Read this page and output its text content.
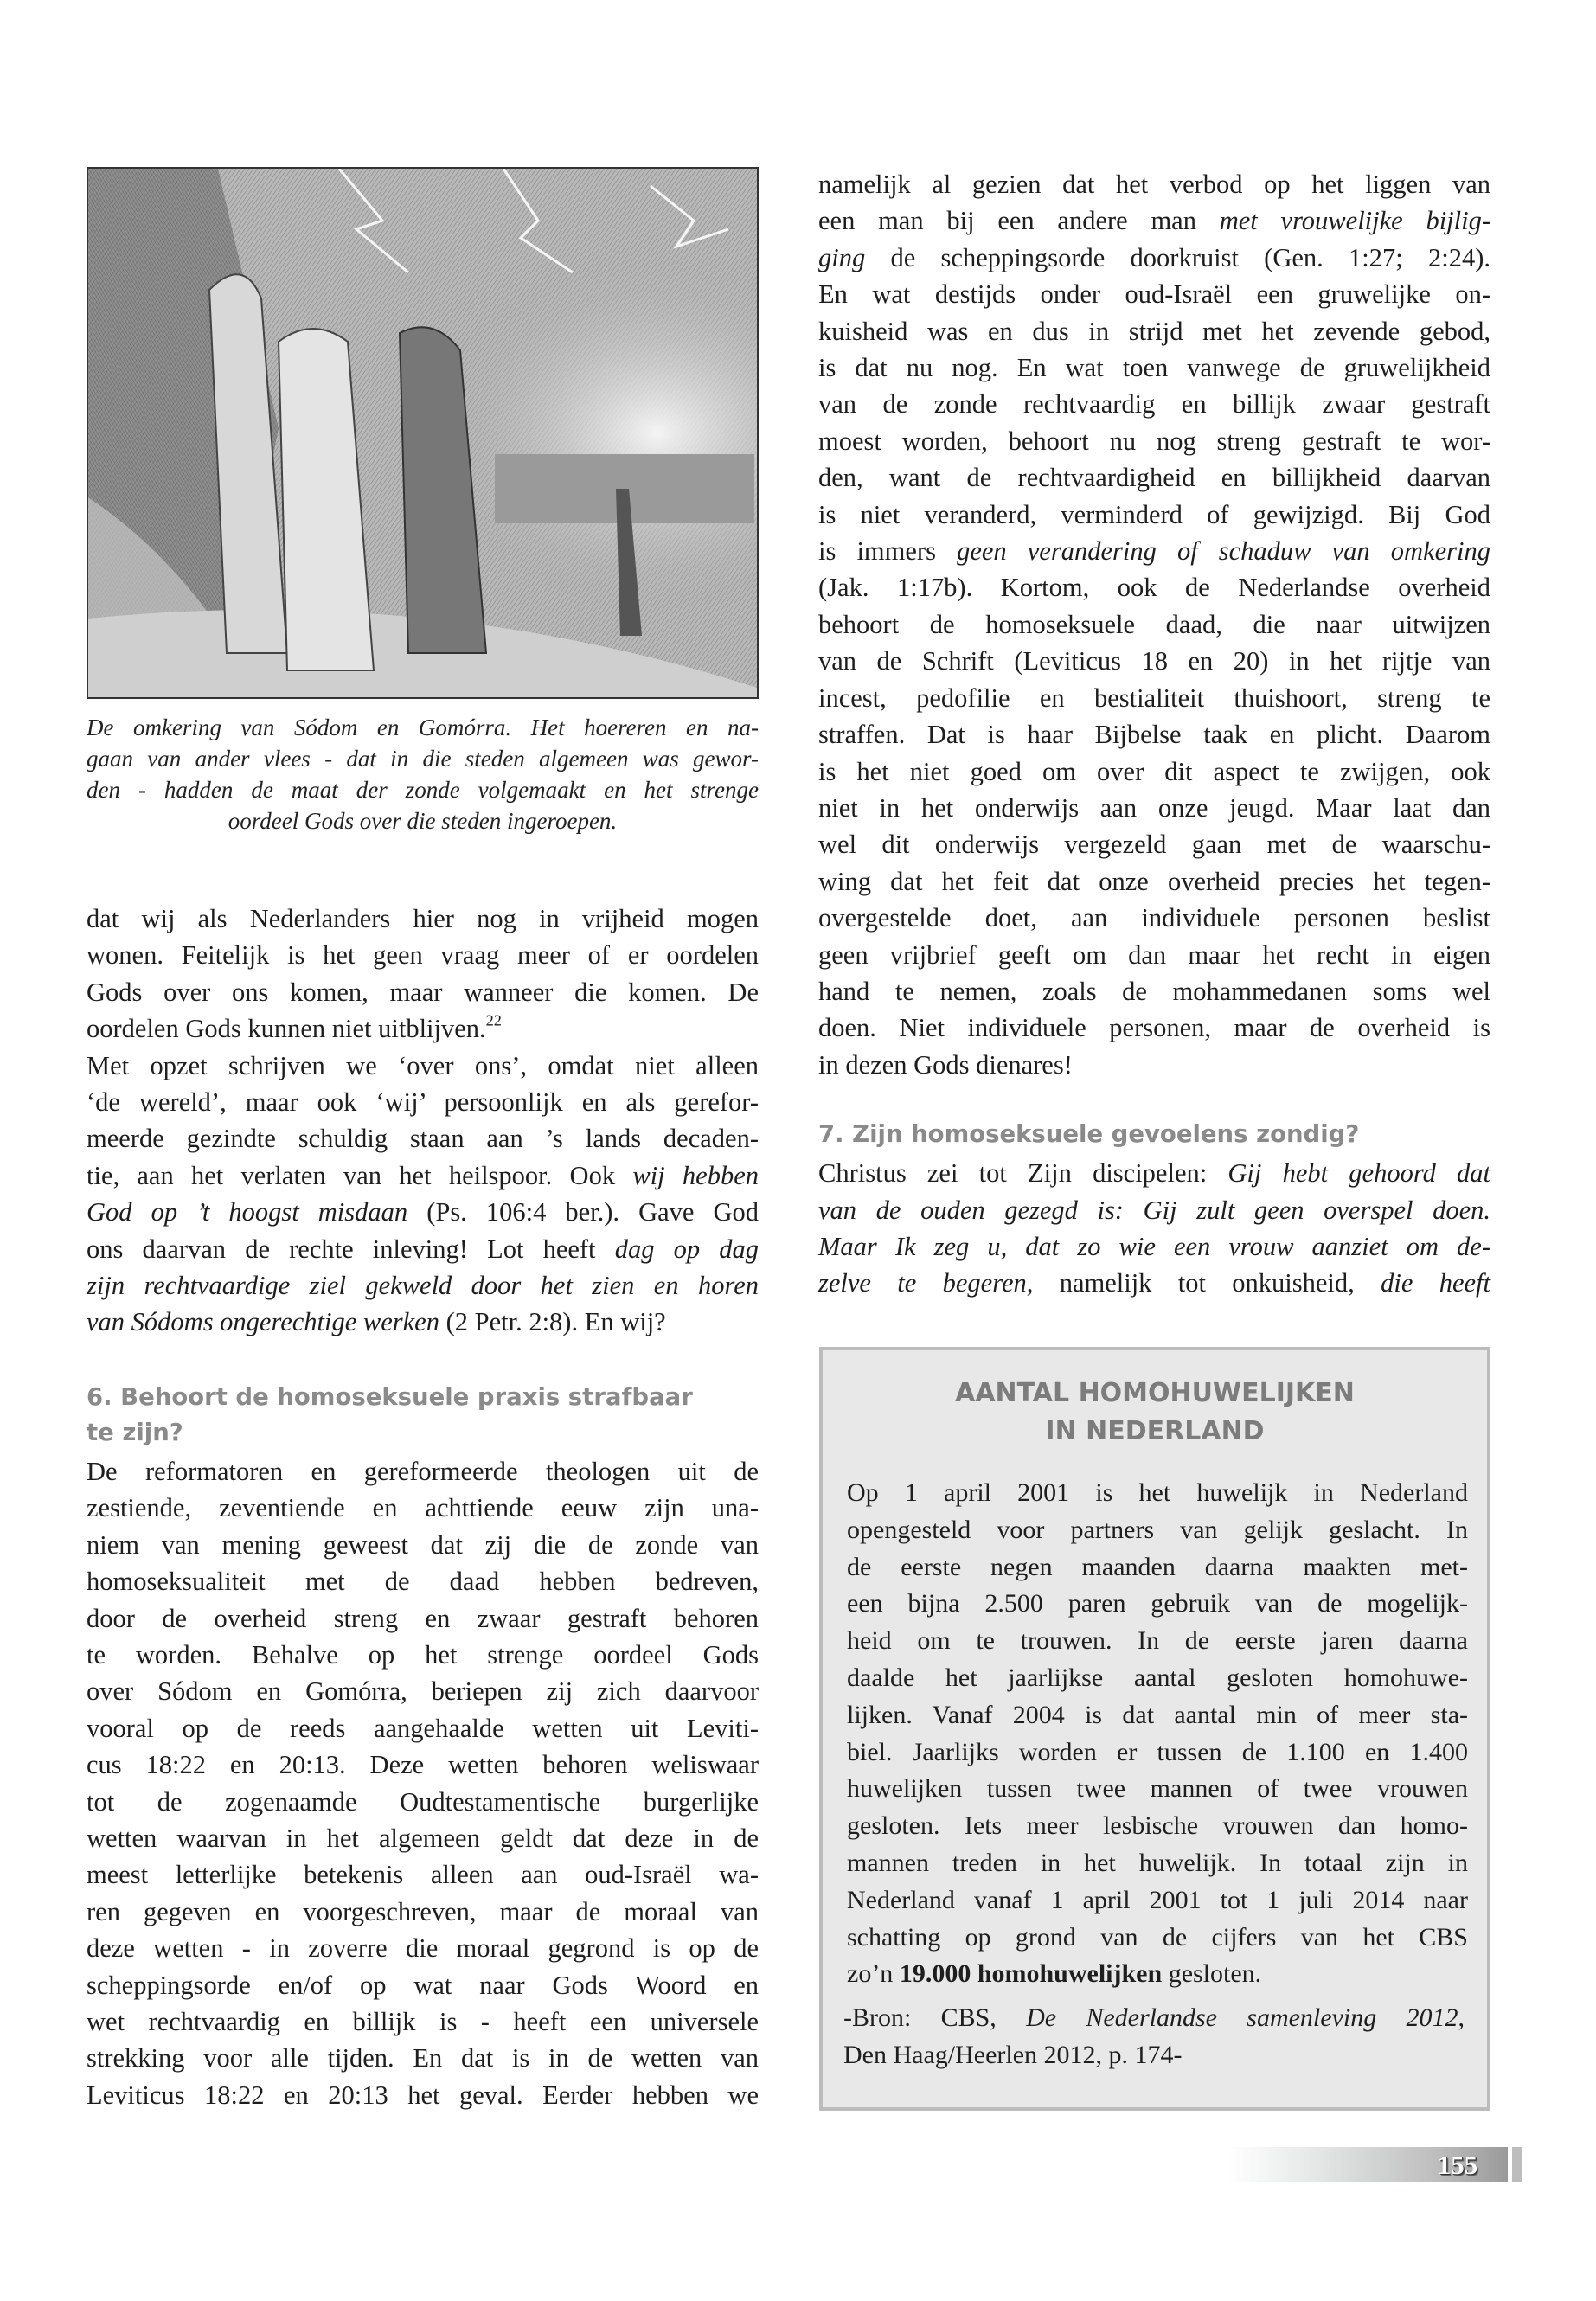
De omkering van Sódom en Gomórra. Het hoereren en na-
gaan van ander vlees - dat in die steden algemeen was gewor-
den - hadden de maat der zonde volgemaakt en het strenge
oordeel Gods over die steden ingeroepen.
dat wij als Nederlanders hier nog in vrijheid mogen
wonen. Feitelijk is het geen vraag meer of er oordelen
Gods over ons komen, maar wanneer die komen. De
oordelen Gods kunnen niet uitblijven.$^{22}$
Met opzet schrijven we ‘over ons’, omdat niet alleen
‘de wereld’, maar ook ‘wij’ persoonlijk en als gerefor-
meerde gezindte schuldig staan aan ’s lands decaden-
tie, aan het verlaten van het heilspoor. Ook wij hebben
God op ’t hoogst misdaan (Ps. 106:4 ber.). Gave God
ons daarvan de rechte inleving! Lot heeft dag op dag
zijn rechtvaardige ziel gekweld door het zien en horen
van Sódoms ongerechtige werken (2 Petr. 2:8). En wij?
6. Behoort de homoseksuele praxis strafbaar
te zijn?
De reformatoren en gereformeerde theologen uit de
zestiende, zeventiende en achttiende eeuw zijn una-
niem van mening geweest dat zij die de zonde van
homoseksualiteit met de daad hebben bedreven,
door de overheid streng en zwaar gestraft behoren
te worden. Behalve op het strenge oordeel Gods
over Sódom en Gomórra, beriepen zij zich daarvoor
vooral op de reeds aangehaalde wetten uit Leviti-
cus 18:22 en 20:13. Deze wetten behoren weliswaar
tot de zogenaamde Oudtestamentische burgerlijke
wetten waarvan in het algemeen geldt dat deze in de
meest letterlijke betekenis alleen aan oud-Israël wa-
ren gegeven en voorgeschreven, maar de moraal van
deze wetten - in zoverre die moraal gegrond is op de
scheppingsorde en/of op wat naar Gods Woord en
wet rechtvaardig en billijk is - heeft een universele
strekking voor alle tijden. En dat is in de wetten van
Leviticus 18:22 en 20:13 het geval. Eerder hebben we
namelijk al gezien dat het verbod op het liggen van
een man bij een andere man met vrouwelijke bijlig-
ging de scheppingsorde doorkruist (Gen. 1:27; 2:24).
En wat destijds onder oud-Israël een gruwelijke on-
kuisheid was en dus in strijd met het zevende gebod,
is dat nu nog. En wat toen vanwege de gruwelijkheid
van de zonde rechtvaardig en billijk zwaar gestraft
moest worden, behoort nu nog streng gestraft te wor-
den, want de rechtvaardigheid en billijkheid daarvan
is niet veranderd, verminderd of gewijzigd. Bij God
is immers geen verandering of schaduw van omkering
(Jak. 1:17b). Kortom, ook de Nederlandse overheid
behoort de homoseksuele daad, die naar uitwijzen
van de Schrift (Leviticus 18 en 20) in het rijtje van
incest, pedofilie en bestialiteit thuishoort, streng te
straffen. Dat is haar Bijbelse taak en plicht. Daarom
is het niet goed om over dit aspect te zwijgen, ook
niet in het onderwijs aan onze jeugd. Maar laat dan
wel dit onderwijs vergezeld gaan met de waarschu-
wing dat het feit dat onze overheid precies het tegen-
overgestelde doet, aan individuele personen beslist
geen vrijbrief geeft om dan maar het recht in eigen
hand te nemen, zoals de mohammedanen soms wel
doen. Niet individuele personen, maar de overheid is
in dezen Gods dienares!
7. Zijn homoseksuele gevoelens zondig?
Christus zei tot Zijn discipelen: Gij hebt gehoord dat
van de ouden gezegd is: Gij zult geen overspel doen.
Maar Ik zeg u, dat zo wie een vrouw aanziet om de-
zelve te begeren, namelijk tot onkuisheid, die heeft
AANTAL HOMOHUWELIJKEN
IN NEDERLAND
Op 1 april 2001 is het huwelijk in Nederland
opengesteld voor partners van gelijk geslacht. In
de eerste negen maanden daarna maakten met-
een bijna 2.500 paren gebruik van de mogelijk-
heid om te trouwen. In de eerste jaren daarna
daalde het jaarlijkse aantal gesloten homohuwe-
lijken. Vanaf 2004 is dat aantal min of meer sta-
biel. Jaarlijks worden er tussen de 1.100 en 1.400
huwelijken tussen twee mannen of twee vrouwen
gesloten. Iets meer lesbische vrouwen dan homo-
mannen treden in het huwelijk. In totaal zijn in
Nederland vanaf 1 april 2001 tot 1 juli 2014 naar
schatting op grond van de cijfers van het CBS
zo’n 19.000 homohuwelijken gesloten.
-Bron: CBS, De Nederlandse samenleving 2012,
Den Haag/Heerlen 2012, p. 174-
155
